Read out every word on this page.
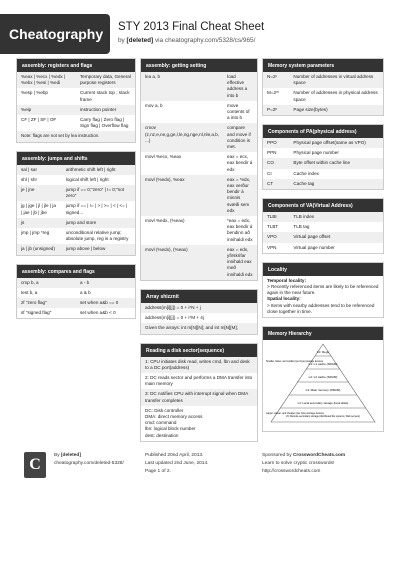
Cheatography	STY 2013 Final Cheat Sheet
by [deleted] via cheatography.com/5328/cs/965/
assembly: registers and flags
%eax | %ecx | %edx | %ebx | %esi | %edi	Temporary data, General purpose registers
%esp | %ebp	Current stack top ; stack frame
%eip	instruction pointer
CF | ZF | SF | OF	Carry flag | Zero flag | Sign flag | Overflow flag
Note: flags are not set by lea instruction.	
assembly: jumps and shifts
sal | sar	arithmetic shift left | right
shl | shr	logical shift left | right
je | jne	jump if == 0;"zero" | != 0;"not zero"
jg | jge | jl | jle | ja | jae | jb | jbe	jump if == | != | > | >= | < | <= | signed...
js	jump and store
jmp | jmp *reg	unconditional relative jump; absolute jump, reg is a registry
ja | jb (unsigned)	jump above | below
assembly: compares and flags
cmp b, a	a - b
test b, a	a & b
zf "zero flag"	set when a&b == 0
sf "signed flag"	set when a&b < 0
assembly: getting setting
lea a, b	load effective address a into b
mov a, b	move contents of a into b
cmov (z,nz,e,ne,g,ge,l,le,ng,nge,nl,nle,a,b, ...)	compare and move if condition is met.
movl %ecx, %eax	eax = ecx, eax bendir á edx
movl (%edx), %eax	eax = *edx, eax verður bendir á minnis svæði sem edx
movl %edx, (%eax)	*eax = edx, eax bendir á bendinn að innihaldi edx
movl (%edx), (%eax)	eax = edx, yfirskrifar innihald eax með innihaldi edx
Array shizznit
address(m[i][j]) = 0 + i*N + j
address(m[i][j]) = 0 + i*M + 4j
Given the arrays: int m[N][N]; and int m[N][M];
Reading a disk sector(sequence)
1: CPU initiates disk read, writes cmd, lbn and desk to a DC port(address)
2: DC reads sector and performs a DMA transfer into main memory
3: DC notifies CPU with interrupt signal when DMA transfer completes
DC: Disk controller
DMA: direct memory access
cmd: command
lbn: logical block number
dest: destination
Memory system parameters
N=2ⁿ	Number of addresses in virtual address space
M=2ᵐ	Number of addresses in physical address space
P=2ᵖ	Page size(bytes)
Components of PA(physical address)
PPO	Physical page offset(same as VPO)
PPN	Physical page number
CO	Byte offset within cache line
CI	Cache index
CT	Cache tag
Components of VA(Virtual Address)
TLBI	TLB index
TLBT	TLB tag
VPO	Virtual page offset
VPN	Virtual page number
Locality
Temporal locality:
> Recently referenced items are likely to be referenced again in the near future.
Spatial locality:
> Items with nearby addresses tend to be referenced close together in time.
Memory Hierarchy
L0: Regs
L1: L1 cache (SRAM)
L2: L2 cache (SRAM)
L3: Main memory (DRAM)
L4: Local secondary storage (local disks)
L5: Remote secondary storage (distributed file systems, Web servers)
Smaller, faster, and costlier (per byte) storage devices
Larger, slower, and cheaper (per byte) storage devices
C
By [deleted]
cheatography.com/deleted-5328/
Published 20nd April, 2013.
Last updated 2nd June, 2014.
Page 1 of 2.
Sponsored by CrosswordCheats.com
Learn to solve cryptic crosswords!
http://crosswordcheats.com
